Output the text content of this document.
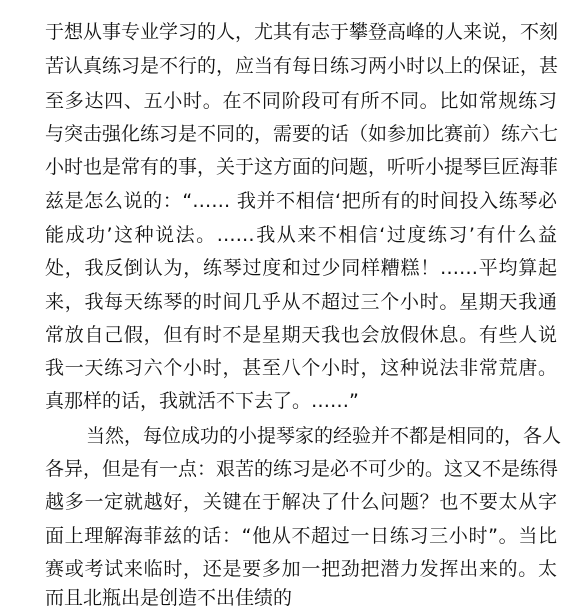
于想从事专业学习的人，尤其有志于攀登高峰的人来说，不刻
苦认真练习是不行的，应当有每日练习两小时以上的保证，甚
至多达四、五小时。在不同阶段可有所不同。比如常规练习
与突击强化练习是不同的，需要的话（如参加比赛前）练六七
小时也是常有的事，关于这方面的问题，听听小提琴巨匠海菲
兹是怎么说的：“…… 我并不相信‘把所有的时间投入练琴必
能成功’这种说法。……我从来不相信‘过度练习’有什么益
处，我反倒认为，练琴过度和过少同样糟糕！……平均算起
来，我每天练琴的时间几乎从不超过三个小时。星期天我通
常放自己假，但有时不是星期天我也会放假休息。有些人说
我一天练习六个小时，甚至八个小时，这种说法非常荒唐。
真那样的话，我就活不下去了。……”
当然，每位成功的小提琴家的经验并不都是相同的，各人
各异，但是有一点：艰苦的练习是必不可少的。这又不是练得
越多一定就越好，关键在于解决了什么问题？也不要太从字
面上理解海菲兹的话：“他从不超过一日练习三小时”。当比
赛或考试来临时，还是要多加一把劲把潜力发挥出来的。太
而且北瓶出是创造不出佳绩的
